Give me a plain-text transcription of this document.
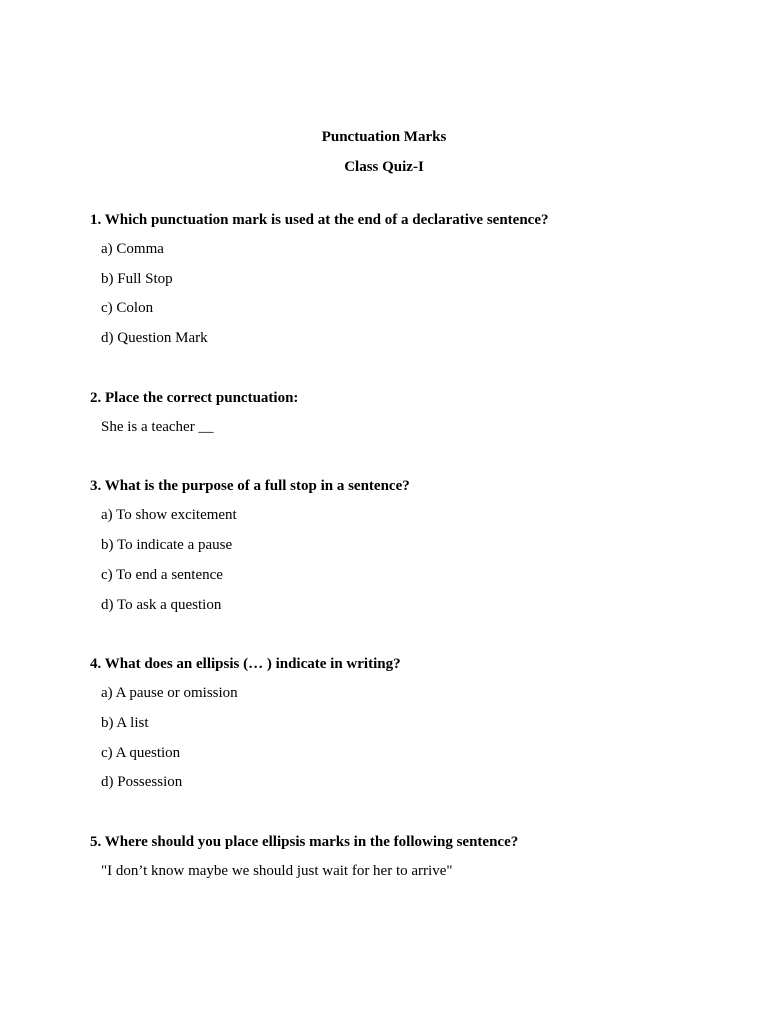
Punctuation Marks
Class Quiz-I
1. Which punctuation mark is used at the end of a declarative sentence?
a) Comma
b) Full Stop
c) Colon
d) Question Mark
2. Place the correct punctuation:
She is a teacher __
3. What is the purpose of a full stop in a sentence?
a) To show excitement
b) To indicate a pause
c) To end a sentence
d) To ask a question
4. What does an ellipsis (… ) indicate in writing?
a) A pause or omission
b) A list
c) A question
d) Possession
5. Where should you place ellipsis marks in the following sentence?
"I don’t know maybe we should just wait for her to arrive"
